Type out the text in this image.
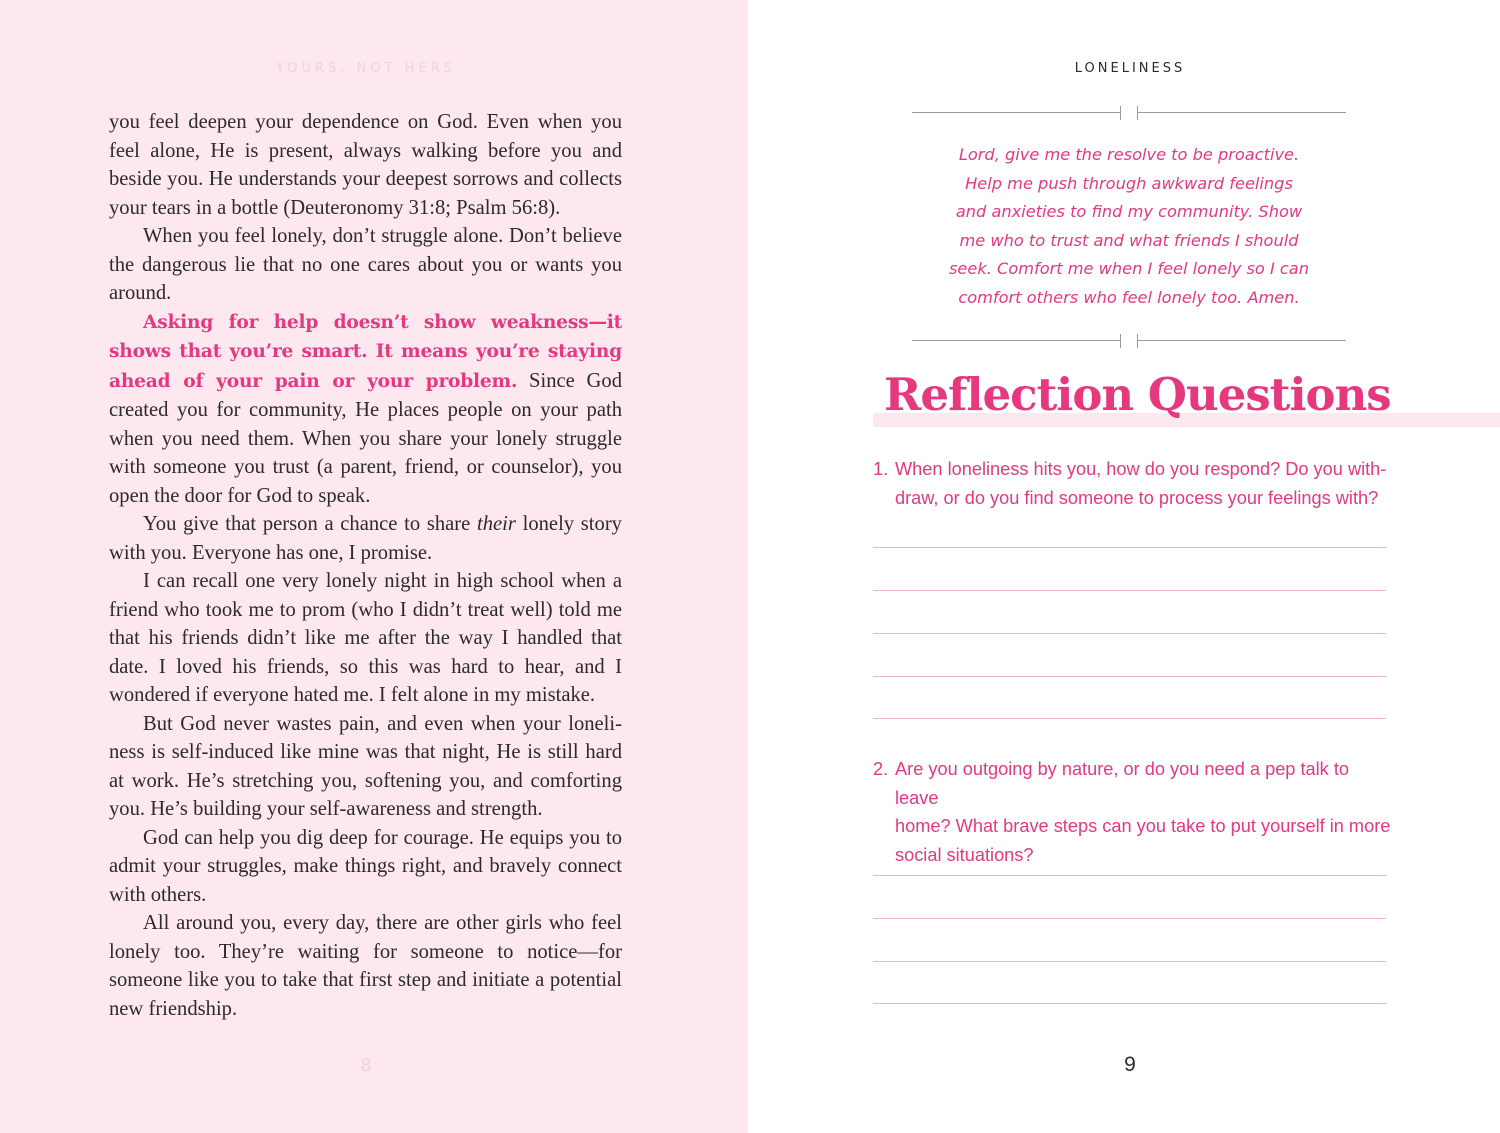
YOURS, NOT HERS

you feel deepen your dependence on God. Even when you feel alone, He is present, always walking before you and beside you. He understands your deepest sorrows and collects your tears in a bottle (Deuteronomy 31:8; Psalm 56:8).

When you feel lonely, don’t struggle alone. Don’t believe the dangerous lie that no one cares about you or wants you around.

Asking for help doesn’t show weakness—it shows that you’re smart. It means you’re staying ahead of your pain or your problem. Since God created you for community, He places people on your path when you need them. When you share your lonely struggle with someone you trust (a parent, friend, or counselor), you open the door for God to speak.

You give that person a chance to share their lonely story with you. Everyone has one, I promise.

I can recall one very lonely night in high school when a friend who took me to prom (who I didn’t treat well) told me that his friends didn’t like me after the way I handled that date. I loved his friends, so this was hard to hear, and I wondered if everyone hated me. I felt alone in my mistake.

But God never wastes pain, and even when your loneliness is self-induced like mine was that night, He is still hard at work. He’s stretching you, softening you, and comforting you. He’s building your self-awareness and strength.

God can help you dig deep for courage. He equips you to admit your struggles, make things right, and bravely connect with others.

All around you, every day, there are other girls who feel lonely too. They’re waiting for someone to notice—for someone like you to take that first step and initiate a potential new friendship.

8
LONELINESS
Lord, give me the resolve to be proactive.
Help me push through awkward feelings
and anxieties to find my community. Show
me who to trust and what friends I should
seek. Comfort me when I feel lonely so I can
comfort others who feel lonely too. Amen.
Reflection Questions
1. When loneliness hits you, how do you respond? Do you with-
draw, or do you find someone to process your feelings with?
2. Are you outgoing by nature, or do you need a pep talk to leave
home? What brave steps can you take to put yourself in more
social situations?
9
